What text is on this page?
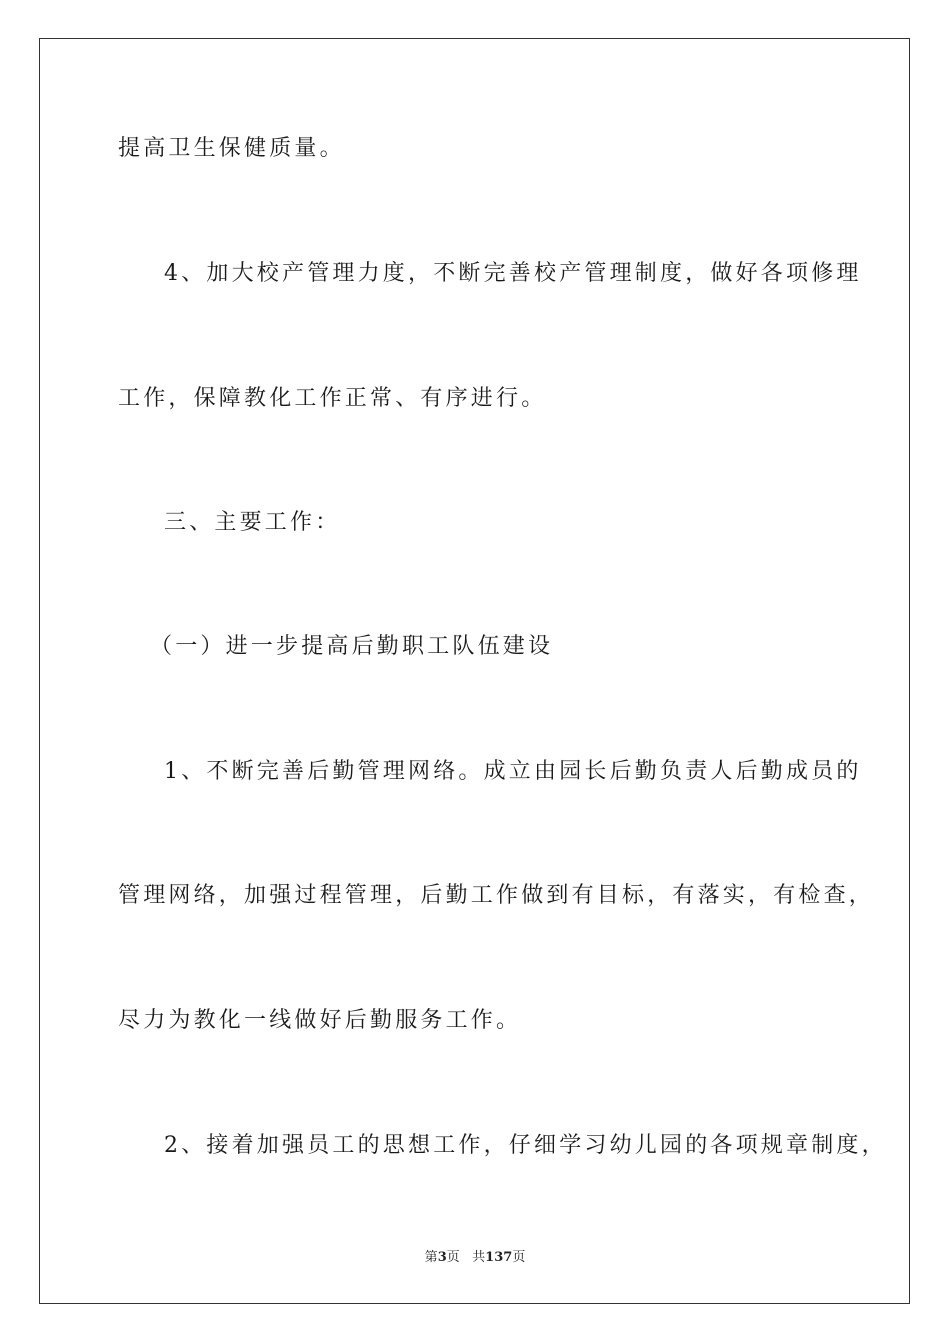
提高卫生保健质量。
4、加大校产管理力度，不断完善校产管理制度，做好各项修理
工作，保障教化工作正常、有序进行。
三、主要工作：
（一）进一步提高后勤职工队伍建设
1、不断完善后勤管理网络。成立由园长后勤负责人后勤成员的
管理网络，加强过程管理，后勤工作做到有目标，有落实，有检查，
尽力为教化一线做好后勤服务工作。
2、接着加强员工的思想工作，仔细学习幼儿园的各项规章制度，
第3页 共137页
